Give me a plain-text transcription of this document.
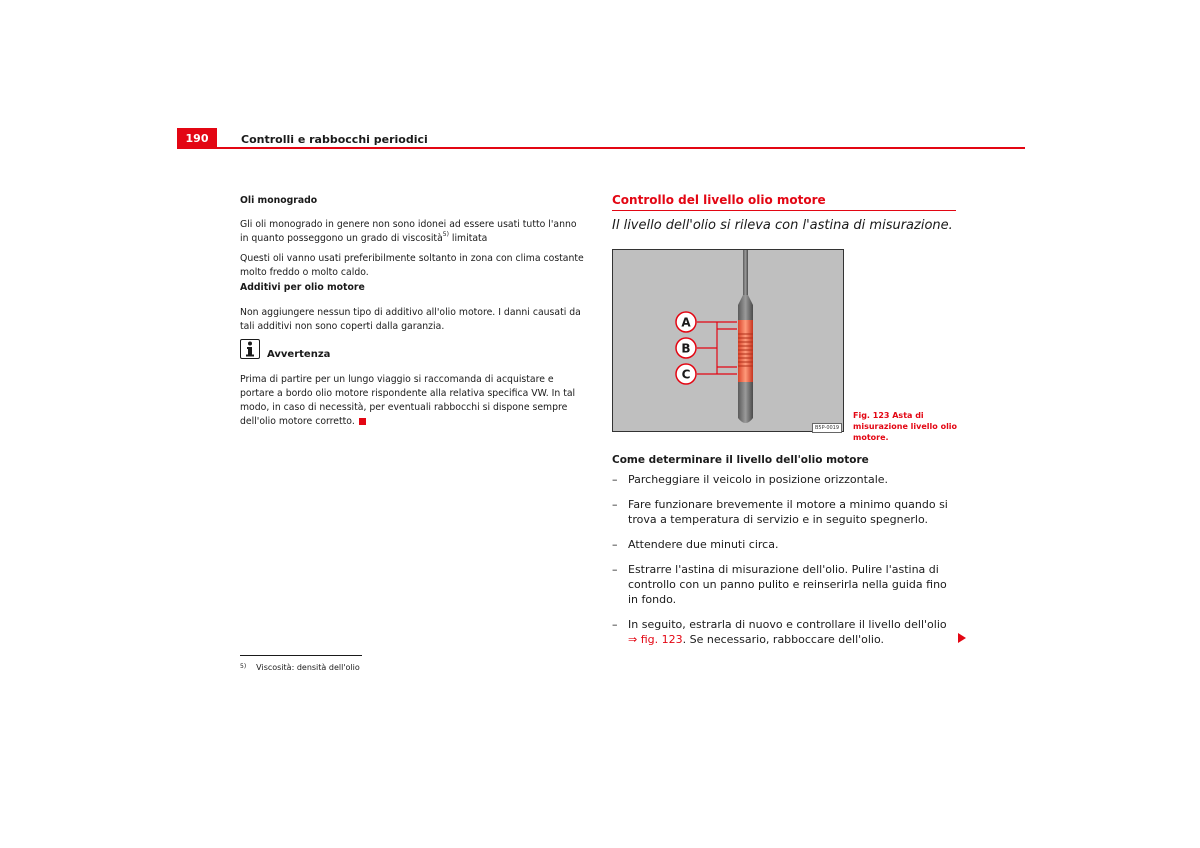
190	Controlli e rabbocchi periodici
Oli monogrado

Gli oli monogrado in genere non sono idonei ad essere usati tutto l'anno in quanto posseggono un grado di viscosità$^{5)}$ limitata

Questi oli vanno usati preferibilmente soltanto in zona con clima costante molto freddo o molto caldo.

Additivi per olio motore

Non aggiungere nessun tipo di additivo all'olio motore. I danni causati da tali additivi non sono coperti dalla garanzia.

Avvertenza

Prima di partire per un lungo viaggio si raccomanda di acquistare e portare a bordo olio motore rispondente alla relativa specifica VW. In tal modo, in caso di necessità, per eventuali rabbocchi si dispone sempre dell'olio motore corretto.

5) Viscosità: densità dell'olio
Controllo del livello olio motore
Il livello dell'olio si rileva con l'astina di misurazione.
A
B
C
B5P-0019
Fig. 123 Asta di misurazione livello olio motore.
Come determinare il livello dell'olio motore
– Parcheggiare il veicolo in posizione orizzontale.
– Fare funzionare brevemente il motore a minimo quando si trova a temperatura di servizio e in seguito spegnerlo.
– Attendere due minuti circa.
– Estrarre l'astina di misurazione dell'olio. Pulire l'astina di controllo con un panno pulito e reinserirla nella guida fino in fondo.
– In seguito, estrarla di nuovo e controllare il livello dell'olio
⇒ fig. 123. Se necessario, rabboccare dell'olio.
